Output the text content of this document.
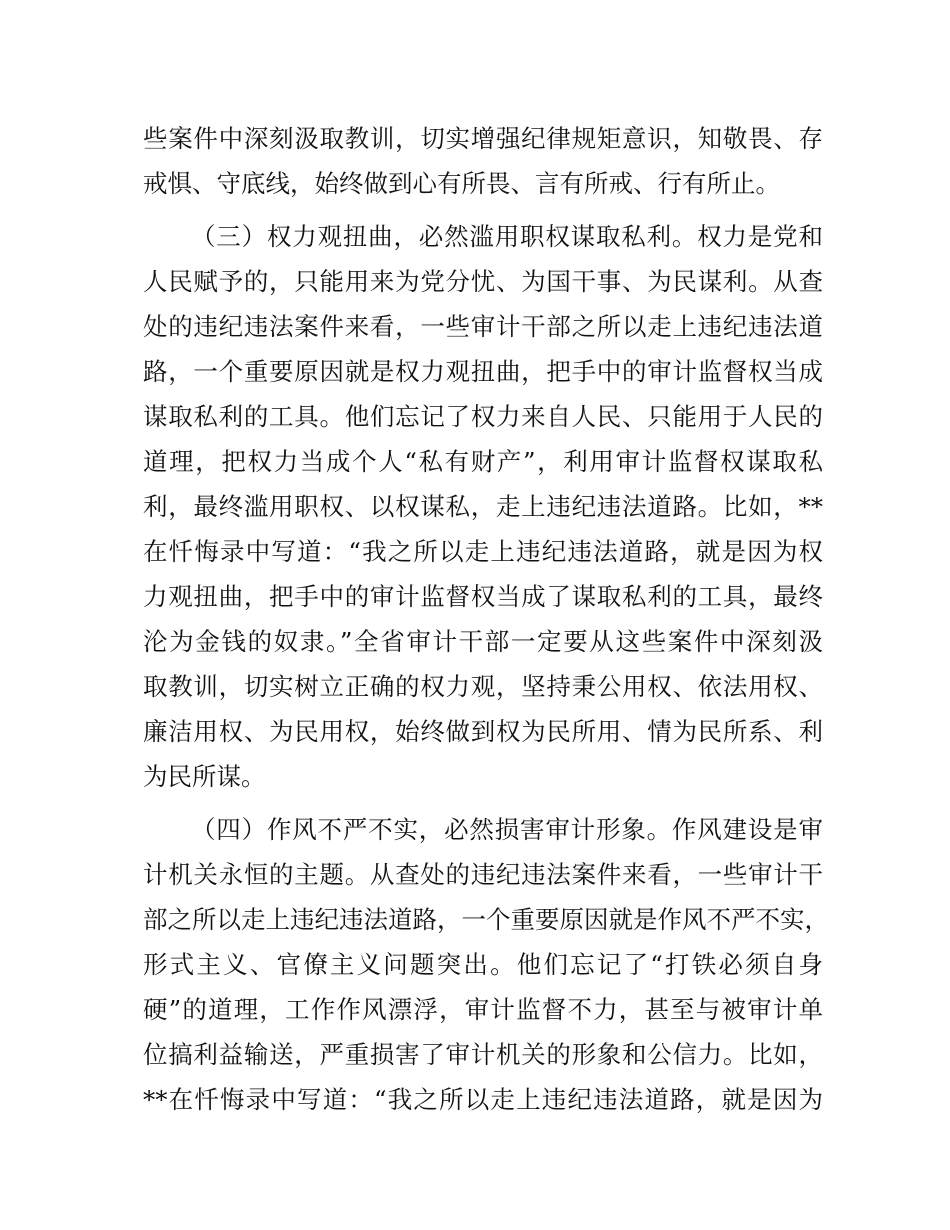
些案件中深刻汲取教训，切实增强纪律规矩意识，知敬畏、存
戒惧、守底线，始终做到心有所畏、言有所戒、行有所止。
（三）权力观扭曲，必然滥用职权谋取私利。权力是党和
人民赋予的，只能用来为党分忧、为国干事、为民谋利。从查
处的违纪违法案件来看，一些审计干部之所以走上违纪违法道
路，一个重要原因就是权力观扭曲，把手中的审计监督权当成
谋取私利的工具。他们忘记了权力来自人民、只能用于人民的
道理，把权力当成个人“私有财产”，利用审计监督权谋取私
利，最终滥用职权、以权谋私，走上违纪违法道路。比如，**
在忏悔录中写道：“我之所以走上违纪违法道路，就是因为权
力观扭曲，把手中的审计监督权当成了谋取私利的工具，最终
沦为金钱的奴隶。”全省审计干部一定要从这些案件中深刻汲
取教训，切实树立正确的权力观，坚持秉公用权、依法用权、
廉洁用权、为民用权，始终做到权为民所用、情为民所系、利
为民所谋。
（四）作风不严不实，必然损害审计形象。作风建设是审
计机关永恒的主题。从查处的违纪违法案件来看，一些审计干
部之所以走上违纪违法道路，一个重要原因就是作风不严不实，
形式主义、官僚主义问题突出。他们忘记了“打铁必须自身
硬”的道理，工作作风漂浮，审计监督不力，甚至与被审计单
位搞利益输送，严重损害了审计机关的形象和公信力。比如，
**在忏悔录中写道：“我之所以走上违纪违法道路，就是因为
